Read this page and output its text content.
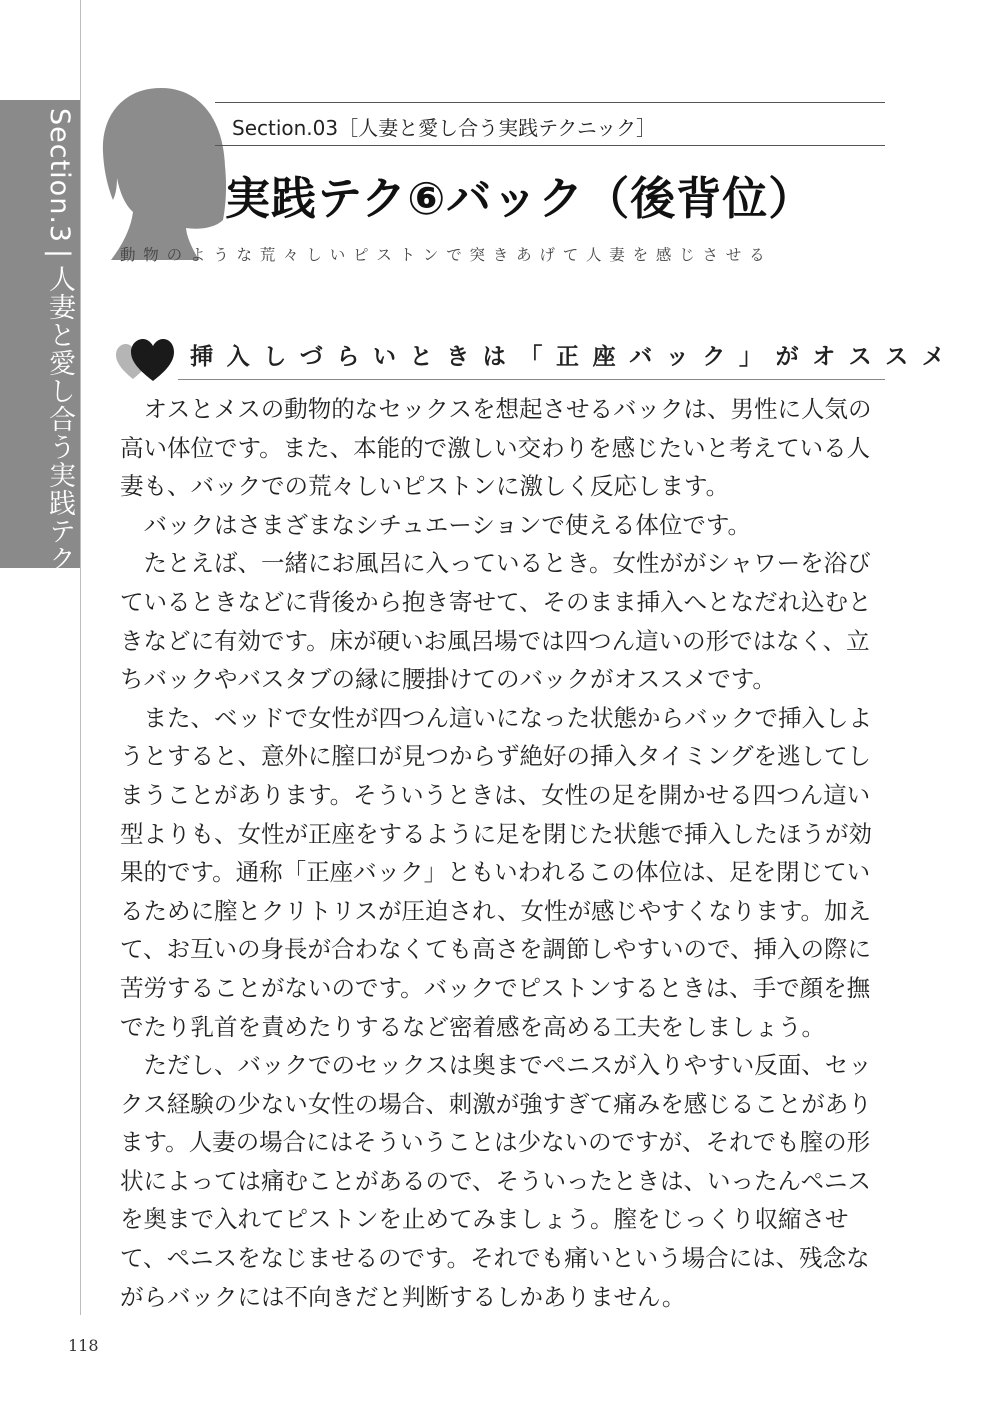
Section.3|人妻と愛し合う実践テクニック
Section.03［人妻と愛し合う実践テクニック］
実践テク⑥バック（後背位）
動物のような荒々しいピストンで突きあげて人妻を感じさせる
挿入しづらいときは「正座バック」がオススメ

オスとメスの動物的なセックスを想起させるバックは、男性に人気の高い体位です。また、本能的で激しい交わりを感じたいと考えている人妻も、バックでの荒々しいピストンに激しく反応します。

バックはさまざまなシチュエーションで使える体位です。

たとえば、一緒にお風呂に入っているとき。女性ががシャワーを浴びているときなどに背後から抱き寄せて、そのまま挿入へとなだれ込むときなどに有効です。床が硬いお風呂場では四つん這いの形ではなく、立ちバックやバスタブの縁に腰掛けてのバックがオススメです。

また、ベッドで女性が四つん這いになった状態からバックで挿入しようとすると、意外に膣口が見つからず絶好の挿入タイミングを逃してしまうことがあります。そういうときは、女性の足を開かせる四つん這い型よりも、女性が正座をするように足を閉じた状態で挿入したほうが効果的です。通称「正座バック」ともいわれるこの体位は、足を閉じているために膣とクリトリスが圧迫され、女性が感じやすくなります。加えて、お互いの身長が合わなくても高さを調節しやすいので、挿入の際に苦労することがないのです。バックでピストンするときは、手で顔を撫でたり乳首を責めたりするなど密着感を高める工夫をしましょう。

ただし、バックでのセックスは奥までペニスが入りやすい反面、セックス経験の少ない女性の場合、刺激が強すぎて痛みを感じることがあります。人妻の場合にはそういうことは少ないのですが、それでも膣の形状によっては痛むことがあるので、そういったときは、いったんペニスを奥まで入れてピストンを止めてみましょう。膣をじっくり収縮させて、ペニスをなじませるのです。それでも痛いという場合には、残念ながらバックには不向きだと判断するしかありません。

118
